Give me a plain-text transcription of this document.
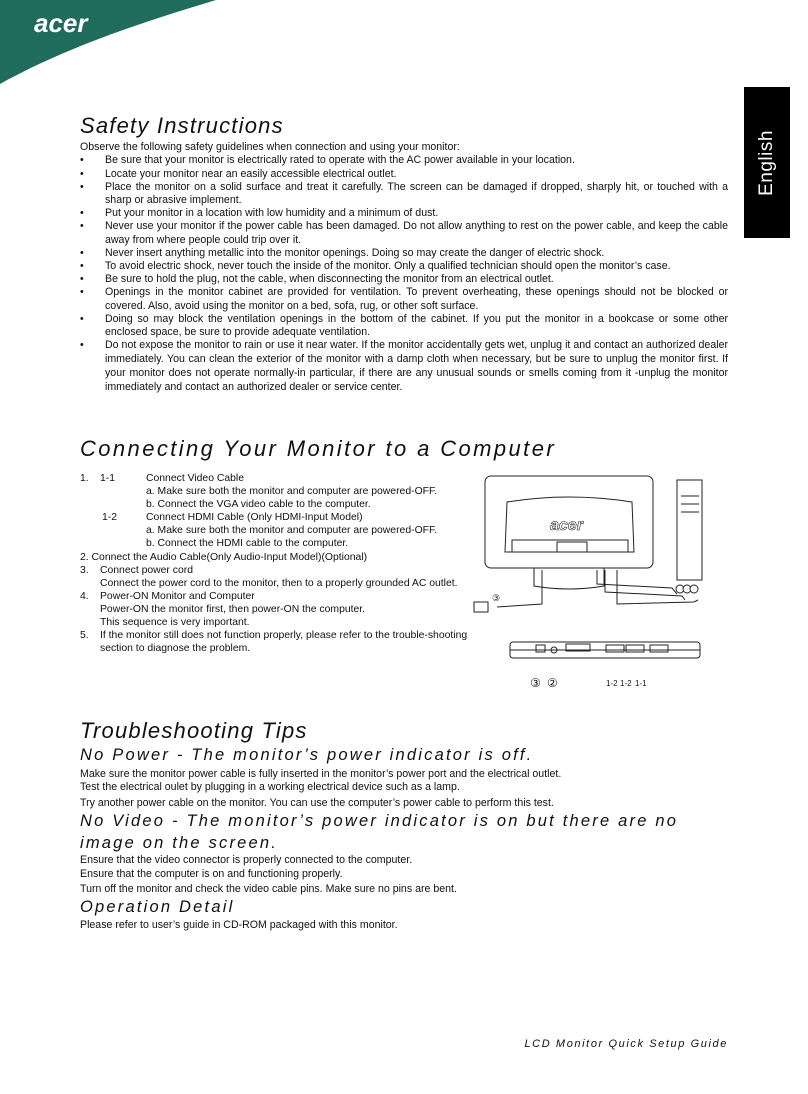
acer
English
Safety Instructions

Observe the following safety guidelines when connection and using your monitor:

• Be sure that your monitor is electrically rated to operate with the AC power available in your location.
• Locate your monitor near an easily accessible electrical outlet.
• Place the monitor on a solid surface and treat it carefully. The screen can be damaged if dropped, sharply hit, or touched with a sharp or abrasive implement.
• Put your monitor in a location with low humidity and a minimum of dust.
• Never use your monitor if the power cable has been damaged. Do not allow anything to rest on the power cable, and keep the cable away from where people could trip over it.
• Never insert anything metallic into the monitor openings. Doing so may create the danger of electric shock.
• To avoid electric shock, never touch the inside of the monitor. Only a qualified technician should open the monitor’s case.
• Be sure to hold the plug, not the cable, when disconnecting the monitor from an electrical outlet.
• Openings in the monitor cabinet are provided for ventilation. To prevent overheating, these openings should not be blocked or covered. Also, avoid using the monitor on a bed, sofa, rug, or other soft surface.
• Doing so may block the ventilation openings in the bottom of the cabinet. If you put the monitor in a bookcase or some other enclosed space, be sure to provide adequate ventilation.
• Do not expose the monitor to rain or use it near water. If the monitor accidentally gets wet, unplug it and contact an authorized dealer immediately. You can clean the exterior of the monitor with a damp cloth when necessary, but be sure to unplug the monitor first. If your monitor does not operate normally-in particular, if there are any unusual sounds or smells coming from it -unplug the monitor immediately and contact an authorized dealer or service center.
Connecting Your Monitor to a Computer
1. 1-1	Connect Video Cable
a. Make sure both the monitor and computer are powered-OFF.
b. Connect the VGA video cable to the computer.
1-2	Connect HDMI Cable (Only HDMI-Input Model)
a. Make sure both the monitor and computer are powered-OFF.
b. Connect the HDMI cable to the computer.
2. Connect the Audio Cable(Only Audio-Input Model)(Optional)
3. Connect power cord
Connect the power cord to the monitor, then to a properly grounded AC outlet.
4. Power-ON Monitor and Computer
Power-ON the monitor first, then power-ON the computer.
This sequence is very important.
5.	If the monitor still does not function properly, please refer to the trouble-shooting section to diagnose the problem.
acer
③
③ ②	1-2 1-2 1-1
Troubleshooting Tips
No Power - The monitor’s power indicator is off.

Make sure the monitor power cable is fully inserted in the monitor’s power port and the electrical outlet.

Test the electrical oulet by plugging in a working electrical device such as a lamp.

Try another power cable on the monitor. You can use the computer’s power cable to perform this test.

No Video - The monitor’s power indicator is on but there are no image on the screen.

Ensure that the video connector is properly connected to the computer.

Ensure that the computer is on and functioning properly.

Turn off the monitor and check the video cable pins. Make sure no pins are bent.

Operation Detail

Please refer to user’s guide in CD-ROM packaged with this monitor.

LCD Monitor Quick Setup Guide
